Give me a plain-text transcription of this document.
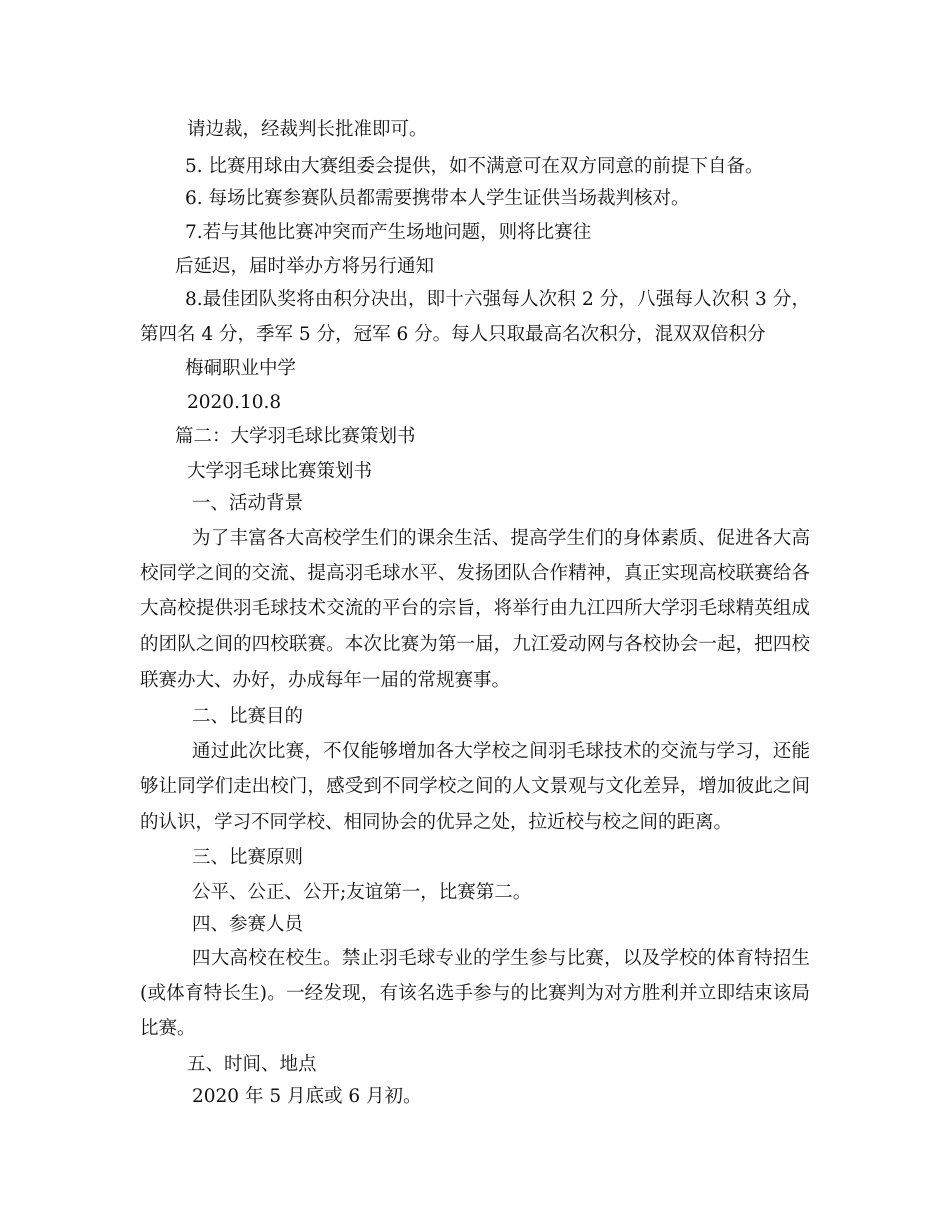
请边裁，经裁判长批准即可。

5. 比赛用球由大赛组委会提供，如不满意可在双方同意的前提下自备。

6. 每场比赛参赛队员都需要携带本人学生证供当场裁判核对。

7.若与其他比赛冲突而产生场地问题，则将比赛往

后延迟，届时举办方将另行通知

8.最佳团队奖将由积分决出，即十六强每人次积 2 分，八强每人次积 3 分，

第四名 4 分，季军 5 分，冠军 6 分。每人只取最高名次积分，混双双倍积分

梅硐职业中学

2020.10.8

篇二：大学羽毛球比赛策划书

大学羽毛球比赛策划书

一、活动背景

为了丰富各大高校学生们的课余生活、提高学生们的身体素质、促进各大高

校同学之间的交流、提高羽毛球水平、发扬团队合作精神，真正实现高校联赛给各

大高校提供羽毛球技术交流的平台的宗旨，将举行由九江四所大学羽毛球精英组成

的团队之间的四校联赛。本次比赛为第一届，九江爱动网与各校协会一起，把四校

联赛办大、办好，办成每年一届的常规赛事。

二、比赛目的

通过此次比赛，不仅能够增加各大学校之间羽毛球技术的交流与学习，还能

够让同学们走出校门，感受到不同学校之间的人文景观与文化差异，增加彼此之间

的认识，学习不同学校、相同协会的优异之处，拉近校与校之间的距离。

三、比赛原则

公平、公正、公开;友谊第一，比赛第二。

四、参赛人员

四大高校在校生。禁止羽毛球专业的学生参与比赛，以及学校的体育特招生

(或体育特长生)。一经发现，有该名选手参与的比赛判为对方胜利并立即结束该局

比赛。

五、时间、地点

2020 年 5 月底或 6 月初。
